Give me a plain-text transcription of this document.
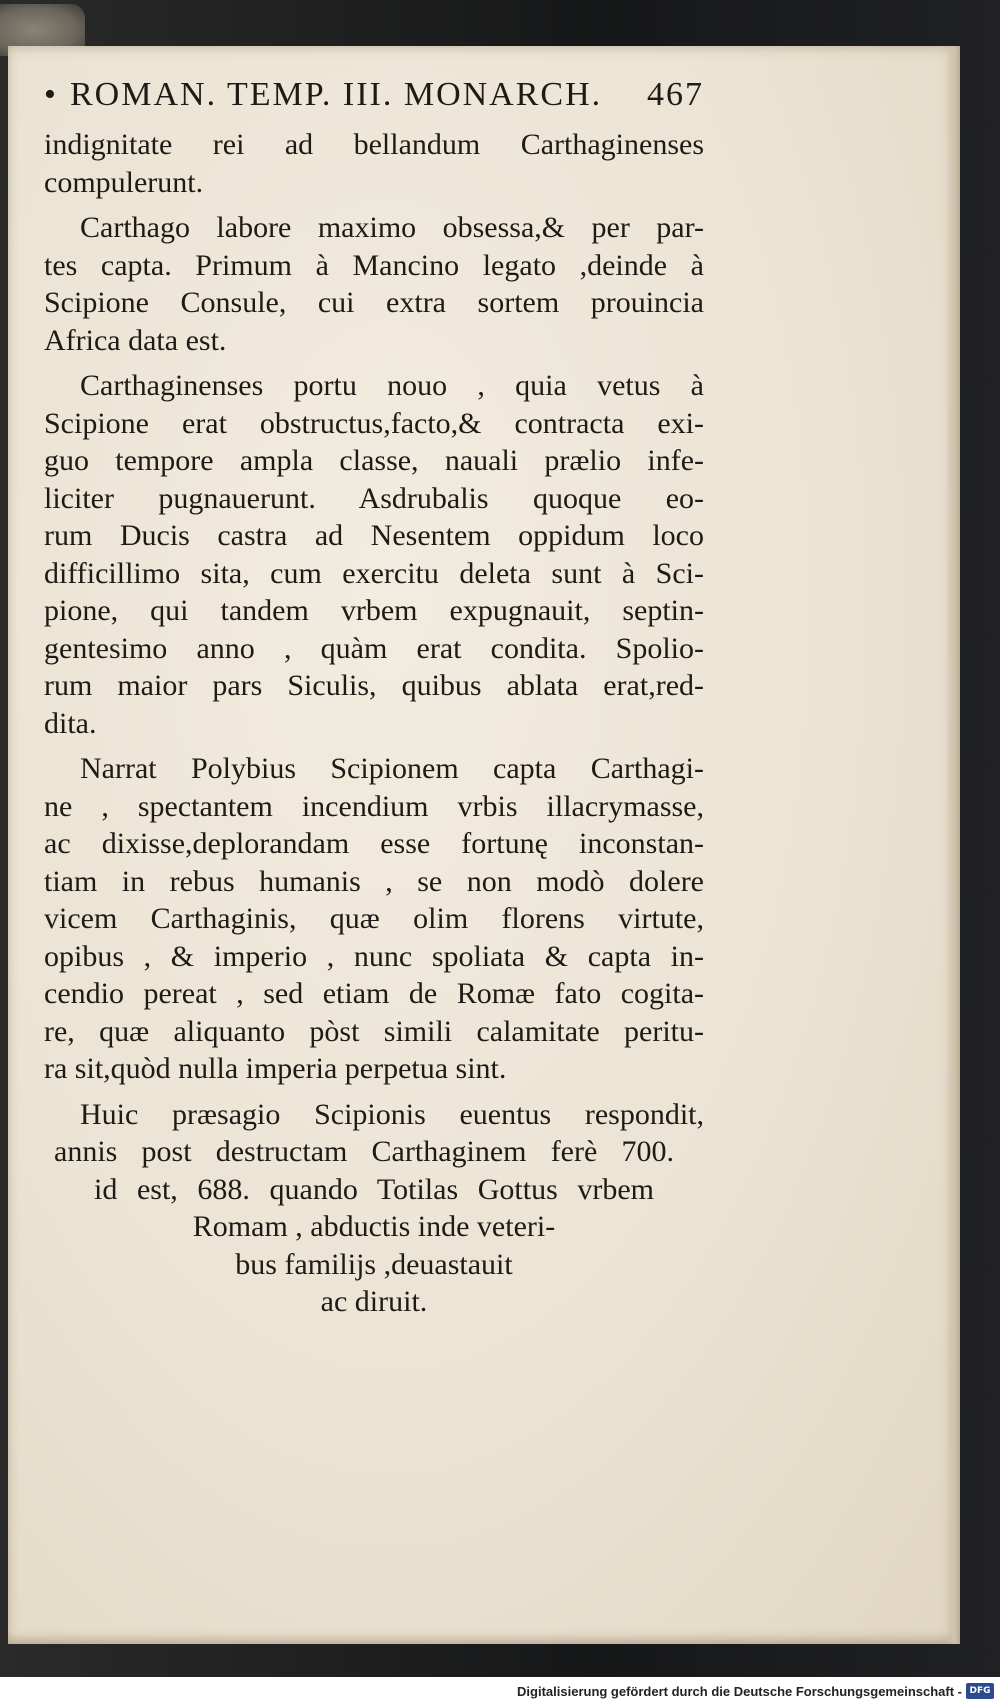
• ROMAN. TEMP. III. MONARCH. 467
indignitate rei ad bellandum Carthaginenses
compulerunt.
Carthago labore maximo obsessa,& per par-
tes capta. Primum à Mancino legato ,deinde à
Scipione Consule, cui extra sortem prouincia
Africa data est.
Carthaginenses portu nouo , quia vetus à
Scipione erat obstructus,facto,& contracta exi-
guo tempore ampla classe, nauali prælio infe-
liciter pugnauerunt. Asdrubalis quoque eo-
rum Ducis castra ad Nesentem oppidum loco
difficillimo sita, cum exercitu deleta sunt à Sci-
pione, qui tandem vrbem expugnauit, septin-
gentesimo anno , quàm erat condita. Spolio-
rum maior pars Siculis, quibus ablata erat,red-
dita.
Narrat Polybius Scipionem capta Carthagi-
ne , spectantem incendium vrbis illacrymasse,
ac dixisse,deplorandam esse fortunę inconstan-
tiam in rebus humanis , se non modò dolere
vicem Carthaginis, quæ olim florens virtute,
opibus , & imperio , nunc spoliata & capta in-
cendio pereat , sed etiam de Romæ fato cogita-
re, quæ aliquanto pòst simili calamitate peritu-
ra sit,quòd nulla imperia perpetua sint.
Huic præsagio Scipionis euentus respondit,
annis post destructam Carthaginem ferè 700.
id est, 688. quando Totilas Gottus vrbem
Romam , abductis inde veteri-
bus familijs ,deuastauit
ac diruit.
Digitalisierung gefördert durch die Deutsche Forschungsgemeinschaft - DFG
